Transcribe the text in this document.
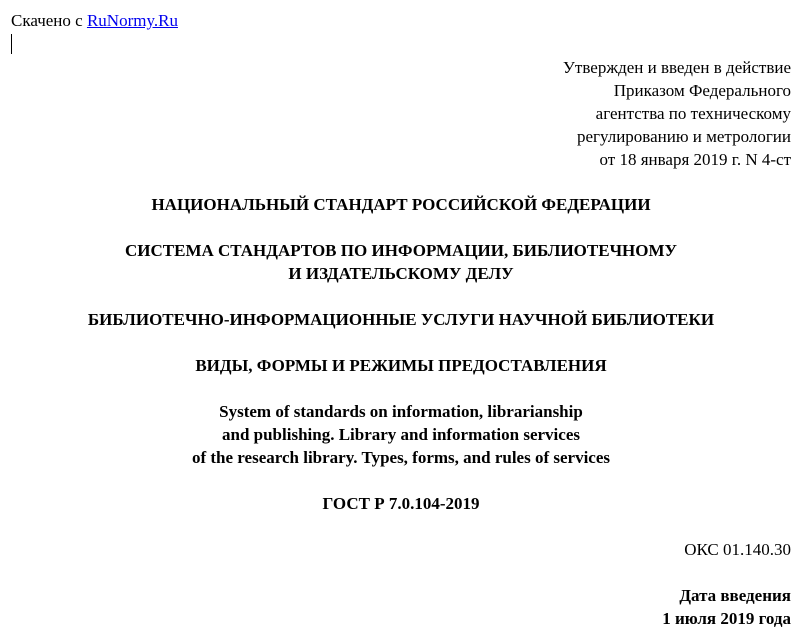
Скачено с RuNormy.Ru
Утвержден и введен в действие
Приказом Федерального
агентства по техническому
регулированию и метрологии
от 18 января 2019 г. N 4-ст
НАЦИОНАЛЬНЫЙ СТАНДАРТ РОССИЙСКОЙ ФЕДЕРАЦИИ
СИСТЕМА СТАНДАРТОВ ПО ИНФОРМАЦИИ, БИБЛИОТЕЧНОМУ
И ИЗДАТЕЛЬСКОМУ ДЕЛУ
БИБЛИОТЕЧНО-ИНФОРМАЦИОННЫЕ УСЛУГИ НАУЧНОЙ БИБЛИОТЕКИ
ВИДЫ, ФОРМЫ И РЕЖИМЫ ПРЕДОСТАВЛЕНИЯ
System of standards on information, librarianship
and publishing. Library and information services
of the research library. Types, forms, and rules of services
ГОСТ Р 7.0.104-2019
ОКС 01.140.30
Дата введения
1 июля 2019 года
